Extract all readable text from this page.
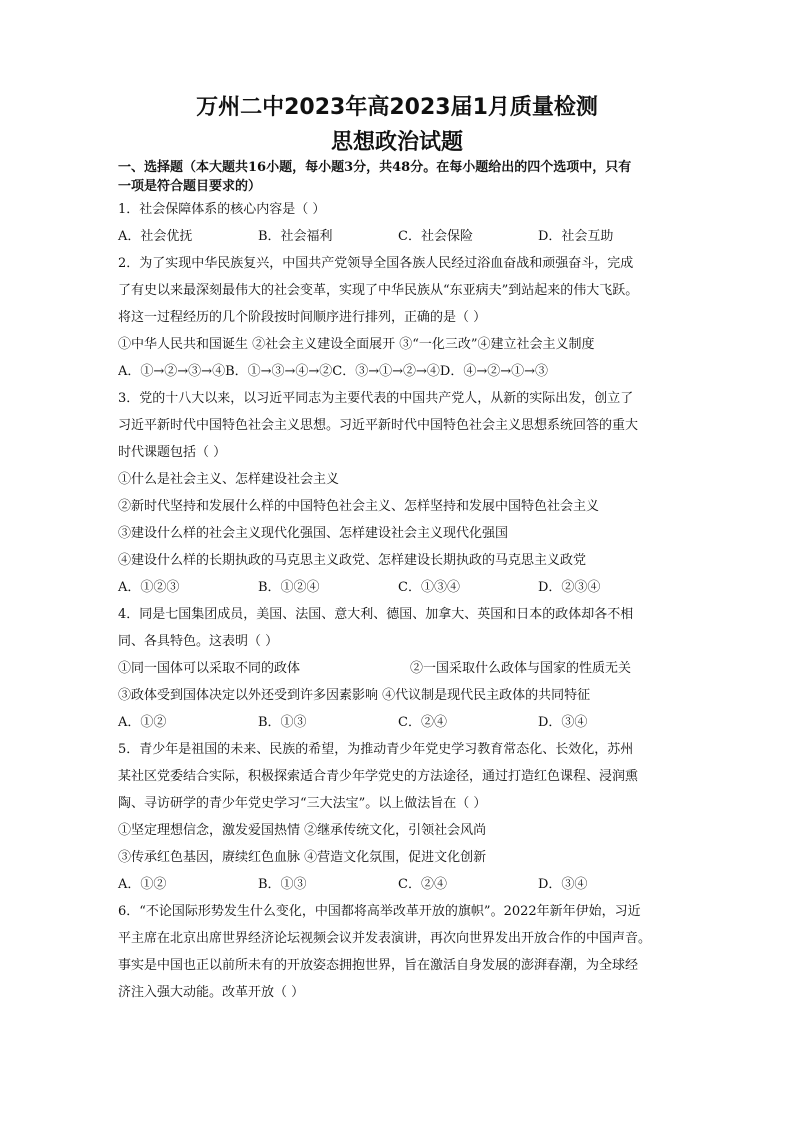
万州二中2023年高2023届1月质量检测
思想政治试题
一、选择题（本大题共16小题，每小题3分，共48分。在每小题给出的四个选项中，只有
一项是符合题目要求的）
1．社会保障体系的核心内容是（ ）
A．社会优抚	B．社会福利	C．社会保险	D．社会互助
2．为了实现中华民族复兴，中国共产党领导全国各族人民经过浴血奋战和顽强奋斗，完成
了有史以来最深刻最伟大的社会变革，实现了中华民族从“东亚病夫”到站起来的伟大飞跃。
将这一过程经历的几个阶段按时间顺序进行排列，正确的是（ ）
①中华人民共和国诞生 ②社会主义建设全面展开 ③“一化三改”④建立社会主义制度
A．①→②→③→④B．①→③→④→②C．③→①→②→④D．④→②→①→③
3．党的十八大以来，以习近平同志为主要代表的中国共产党人，从新的实际出发，创立了
习近平新时代中国特色社会主义思想。习近平新时代中国特色社会主义思想系统回答的重大
时代课题包括（ ）
①什么是社会主义、怎样建设社会主义
②新时代坚持和发展什么样的中国特色社会主义、怎样坚持和发展中国特色社会主义
③建设什么样的社会主义现代化强国、怎样建设社会主义现代化强国
④建设什么样的长期执政的马克思主义政党、怎样建设长期执政的马克思主义政党
A．①②③	B．①②④	C．①③④	D．②③④
4．同是七国集团成员，美国、法国、意大利、德国、加拿大、英国和日本的政体却各不相
同、各具特色。这表明（ ）
①同一国体可以采取不同的政体	②一国采取什么政体与国家的性质无关
③政体受到国体决定以外还受到许多因素影响 ④代议制是现代民主政体的共同特征
A．①②	B．①③	C．②④	D．③④
5．青少年是祖国的未来、民族的希望，为推动青少年党史学习教育常态化、长效化，苏州
某社区党委结合实际，积极探索适合青少年学党史的方法途径，通过打造红色课程、浸润熏
陶、寻访研学的青少年党史学习“三大法宝”。以上做法旨在（ ）
①坚定理想信念，激发爱国热情 ②继承传统文化，引领社会风尚
③传承红色基因，赓续红色血脉 ④营造文化氛围，促进文化创新
A．①②	B．①③	C．②④	D．③④
6．“不论国际形势发生什么变化，中国都将高举改革开放的旗帜”。2022年新年伊始，习近
平主席在北京出席世界经济论坛视频会议并发表演讲，再次向世界发出开放合作的中国声音。
事实是中国也正以前所未有的开放姿态拥抱世界，旨在激活自身发展的澎湃春潮，为全球经
济注入强大动能。改革开放（ ）
